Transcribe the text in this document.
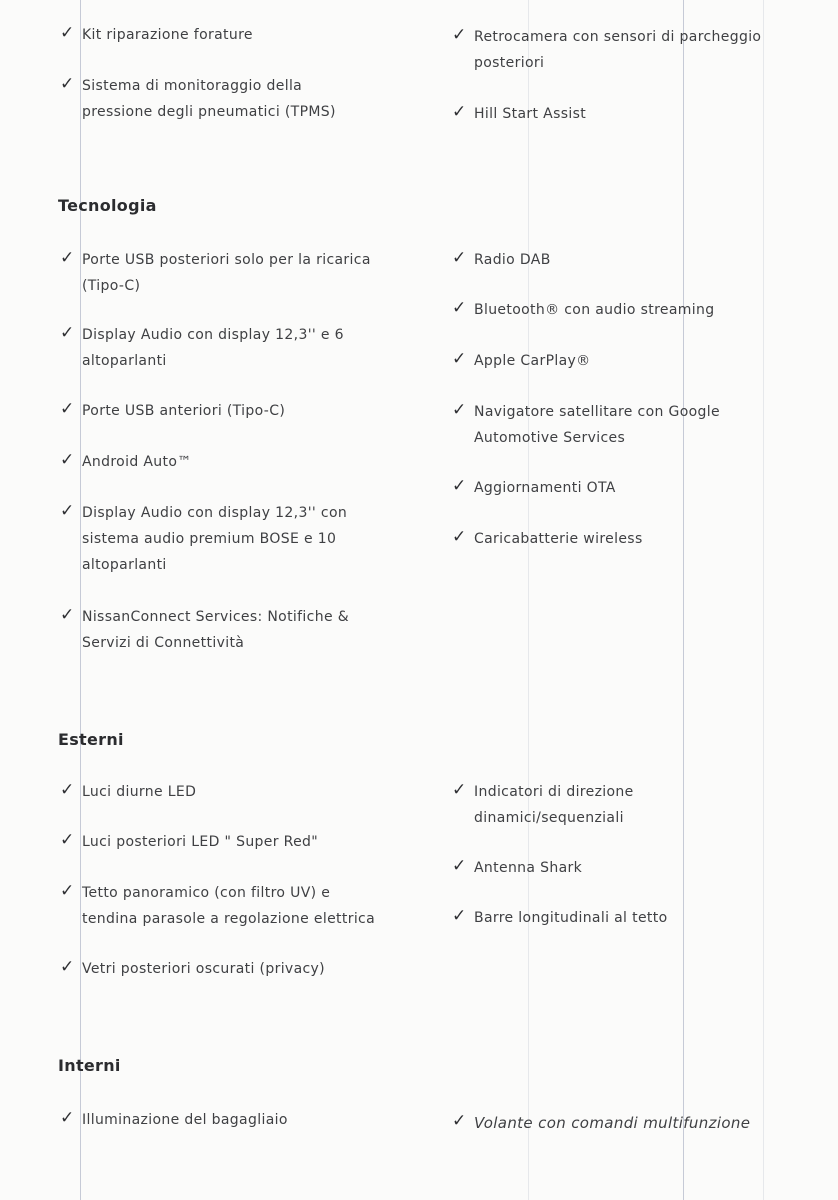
Tecnologia
Esterni
Interni
✓ Kit riparazione forature
✓ Sistema di monitoraggio della
pressione degli pneumatici (TPMS)
✓ Retrocamera con sensori di parcheggio
posteriori
✓ Hill Start Assist
✓ Porte USB posteriori solo per la ricarica
(Tipo-C)
✓ Display Audio con display 12,3'' e 6
altoparlanti
✓ Porte USB anteriori (Tipo-C)
✓ Android Auto™
✓ Display Audio con display 12,3'' con
sistema audio premium BOSE e 10
altoparlanti
✓ NissanConnect Services: Notifiche &
Servizi di Connettività
✓ Radio DAB
✓ Bluetooth® con audio streaming
✓ Apple CarPlay®
✓ Navigatore satellitare con Google
Automotive Services
✓ Aggiornamenti OTA
✓ Caricabatterie wireless
✓ Luci diurne LED
✓ Luci posteriori LED " Super Red"
✓ Tetto panoramico (con filtro UV) e
tendina parasole a regolazione elettrica
✓ Vetri posteriori oscurati (privacy)
✓ Indicatori di direzione
dinamici/sequenziali
✓ Antenna Shark
✓ Barre longitudinali al tetto
✓ Illuminazione del bagagliaio	✓ Volante con comandi multifunzione
